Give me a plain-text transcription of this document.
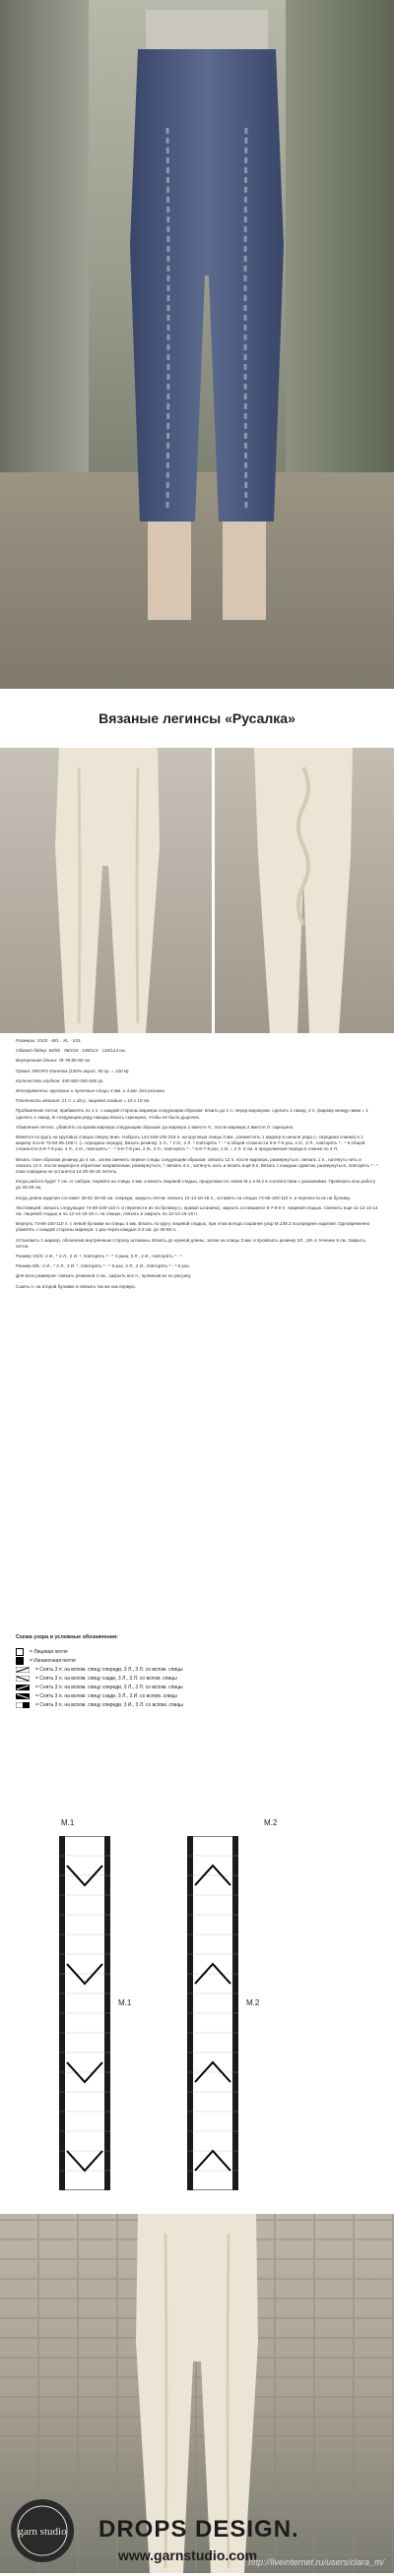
Вязаные легинсы «Русалка»

Размеры: XS/S - M/L - XL - XXL

Обхват бёдер: 84/92 - 96/104 - 108/114 - 118/124 см.

Внутренняя длина: 78-78-80-80 см

Пряжа: DROPS Фантом (100% акрил, 50 гр. = 100 м)

Количество клубков: 450-500-550-600 гр.

Инструменты: круговые и чулочные спицы 4 мм. и 3 мм. для резинки

Плотность вязания: 21 п. x 28 р. лицевой гладью = 10 x 10 см.

Пробавление петли: прибавлять по 1 п. с каждой стороны маркера следующим образом: вязать до 1 п. перед маркером, сделать 1 накид, 2 п. (маркер между ними = 1 сделать 1 накид. В следующем ряду накиды вязать скрещено, чтобы не было дырочек.

Убавление петель: убавлять по краям маркера следующим образом: до маркера 2 вместе Л., после маркера 2 вместе Л. скрещено.

Вяжется по кругу на круговых спицах сверху вниз. Набрать 144-168-192-216 п. на круговые спицы 3 мм., разместить 1 маркер в начале ряда (= середина спинки) и 1 маркер после 72-84-96-108 п. (= середина переда). Вязать резинку: 2 Л., * 2 И., 2 Л. * повторять * - * в общей сложности 5-6-7-8 раз, 2 И., 2 Л., повторять * - * в общей сложности 5-6-7-8 раз, 4 Л., 2 И., повторять * - * 5-6-7-8 раз, 2 И., 2 Л., повторять * - * 5-6-7-8 раз, 2 И. = 2 Л. 5 см. в продолжения перёда в спинке по 4 П.

Вязать тоже образом резинку до 4 см., затем сменить первое следы следующим образом: связать 12 п. после маркера, развернуться, связать 1 п., натянуть нить и связать 12 п. после маркера в обратном направлении, развернуться, * связать 6 п., затянуть нить и вязать ещё 6 п. Вязать с каждым сдвигом, развернуться, повторять * - * пока середина не останется 14-20-26-32 петель.

Когда работа будет 7 см. от набора, перейти на спицы 4 мм. и вязать лицевой гладью, продолжая по схеме M.1 и M.2 в соответствии с указаниями. Провязать всю работу до 25-28 см.

Когда длина изделия составит 35-51-36-56 см. спереди, закрыть петли: связать 12-14-16-16 п., оставить на спицах 74-86-100-110 п. и перенести их на булавку.

Листовицей, связать следующие 74-86-100-110 п. и перенести их на булавку (= правая штанина), закрыть оставшиеся 6-7-8-8 п. лицевой гладью. Сменить еще 11-12-13-14 см. лицевой гладью и по 12-14-16-16 п. на спицах, связать и закрыть по 12-14-16-16 п.

Вернуть 74-86-100-110 п. с левой булавки на спицы 4 мм. Вязать по кругу лицевой гладью, при этом всегда сохраняя узор M.1/M.2 посередине изделия. Одновременно убавлять с каждой стороны маркера: 1 раз через каждые 2-3 см. до 40-50 п.

Установить 1 маркер, обозначив внутреннюю сторону штанины. Вязать до нужной длины, затем на спицы 3 мм. и провязать резинку 2Л., 2И. в течение 5 см. Закрыть петли.

Размер XS/S: 2 И., * 2 Л., 2 И. *, повторять * - * 4 раза, 3 Л., 2 И., повторять * - *

Размер M/L: 2 И., * 2 Л., 2 И. *, повторять * - * 5 раз, 3 Л., 2 И., повторять * - * 5 раз.

Для всех размеров: связать резинкой 4 см., закрыть все п., провязав их по рисунку.

Сшить п. на второй булавке и связать так же как первую.

Схема узора и условные обозначения:
= Лицевая петля
= Изнаночная петля
= Снять 3 п. на вспом. спицу спереди, 3 Л., 3 Л. со вспом. спицы
= Снять 3 п. на вспом. спицу сзади, 3 Л., 3 Л. со вспом. спицы
= Снять 3 п. на вспом. спицу спереди, 3 Л., 3 Л. со вспом. спицы
= Снять 3 п. на вспом. спицу сзади, 3 Л., 3 И. со вспом. спицы
= Снять 3 п. на вспом. спицу спереди, 3 И., 3 Л. со вспом. спицы
M.1	M.2
M.1	M.2
garn studio DROPS DESIGN.
www.garnstudio.com
http://liveinternet.ru/users/clara_m/
